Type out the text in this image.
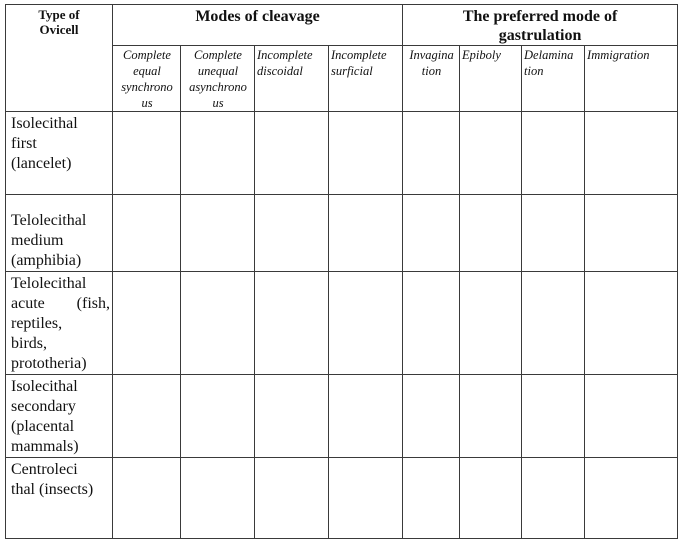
Type of
Ovicell	Modes of cleavage				The preferred mode of
gastrulation			

	Complete
equal
synchrono
us	Complete
unequal
asynchrono
us	Incomplete
discoidal	Incomplete
surficial	Invagina
tion	Epiboly	Delamina
tion	Immigration

Isolecithal
first
(lancelet)								

Telolecithal
medium
(amphibia)								

Telolecithal
acute (fish,
reptiles,
birds,
prototheria)								

Isolecithal
secondary
(placental
mammals)								

Centroleci
thal (insects)								
